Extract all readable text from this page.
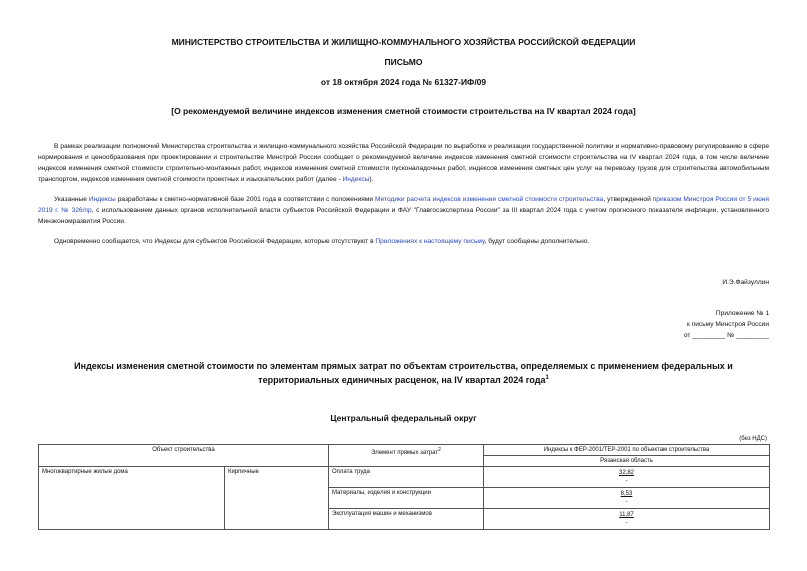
МИНИСТЕРСТВО СТРОИТЕЛЬСТВА И ЖИЛИЩНО-КОММУНАЛЬНОГО ХОЗЯЙСТВА РОССИЙСКОЙ ФЕДЕРАЦИИ
ПИСЬМО
от 18 октября 2024 года № 61327-ИФ/09
[О рекомендуемой величине индексов изменения сметной стоимости строительства на IV квартал 2024 года]
В рамках реализации полномочий Министерства строительства и жилищно-коммунального хозяйства Российской Федерации по выработке и реализации государственной политики и нормативно-правовому регулированию в сфере нормирования и ценообразования при проектировании и строительстве Минстрой России сообщает о рекомендуемой величине индексов изменения сметной стоимости строительства на IV квартал 2024 года, в том числе величине индексов изменения сметной стоимости строительно-монтажных работ, индексов изменения сметной стоимости пусконаладочных работ, индексов изменения сметных цен услуг на перевозку грузов для строительства автомобильным транспортом, индексов изменения сметной стоимости проектных и изыскательских работ (далее - Индексы).
Указанные Индексы разработаны к сметно-нормативной базе 2001 года в соответствии с положениями Методики расчета индексов изменения сметной стоимости строительства, утвержденной приказом Минстроя России от 5 июня 2019 г. № 326/пр, с использованием данных органов исполнительной власти субъектов Российской Федерации и ФАУ "Главгосэкспертиза России" за III квартал 2024 года с учетом прогнозного показателя инфляции, установленного Минэкономразвития России.
Одновременно сообщается, что Индексы для субъектов Российской Федерации, которые отсутствуют в Приложениях к настоящему письму, будут сообщены дополнительно.
И.Э.Файзуллин
Приложение № 1
к письму Минстроя России
от _________ № _________
Индексы изменения сметной стоимости по элементам прямых затрат по объектам строительства, определяемых с применением федеральных и территориальных единичных расценок, на IV квартал 2024 года$^1$
Центральный федеральный округ
(без НДС)
Объект строительства		Элемент прямых затрат$^2$	Индексы к ФЕР-2001/ТЕР-2001 по объектам строительства
			Рязанская область
Многоквартирные жилые дома	Кирпичные	Оплата труда	32,82
-
		Материалы, изделия и конструкции	8,53
-
		Эксплуатация машин и механизмов	11,87
-
